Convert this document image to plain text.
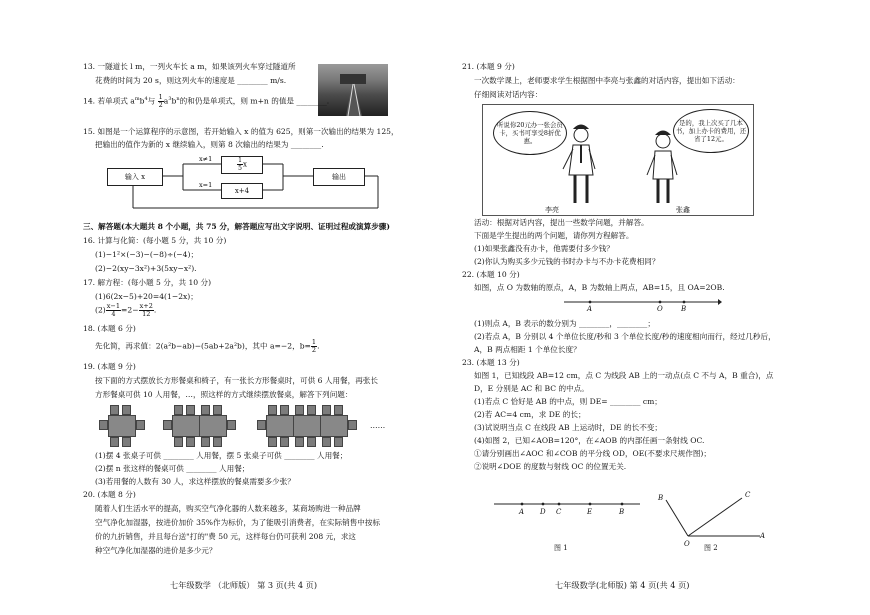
13. 一隧道长 l m，一列火车长 a m，如果该列火车穿过隧道所
花费的时间为 20 s，则这列火车的速度是 ________ m/s.
14. 若单项式 $a^mb^4$与 $\frac{1}{2} a^3b^n$的和仍是单项式，则 m+n 的值是 ________.
15. 如图是一个运算程序的示意图，若开始输入 x 的值为 625，则第一次输出的结果为 125，
把输出的值作为新的 x 继续输入，则第 8 次输出的结果为 ________.
输入 x
x≠1
x=1
$\frac{1}{5}$ x
x+4
输出
三、解答题(本大题共 8 个小题，共 75 分，解答题应写出文字说明、证明过程或演算步骤)
16. 计算与化简：(每小题 5 分，共 10 分)
(1)−1²×(−3)−(−8)÷(−4)；
(2)−2(xy−3x²)+3(5xy−x²).
17. 解方程：(每小题 5 分，共 10 分)
(1)6(2x−5)+20=4(1−2x)；
$(2) \frac{x-1}{4} =2- \frac{x+2}{12}$ .
18. (本题 6 分)
先化简，再求值：2(a²b−ab)−(5ab+2a²b)，其中 a=−2，$b= \frac{1}{2}$ .
19. (本题 9 分)
按下面的方式摆放长方形餐桌和椅子，有一张长方形餐桌时，可供 6 人用餐，再张长
方形餐桌可供 10 人用餐，…，照这样的方式继续摆放餐桌，解答下列问题：
……
(1)摆 4 张桌子可供 ________ 人用餐，摆 5 张桌子可供 ________ 人用餐；
(2)摆 n 张这样的餐桌可供 ________ 人用餐；
(3)若用餐的人数有 30 人，求这样摆放的餐桌需要多少张？
20. (本题 8 分)
随着人们生活水平的提高，购买空气净化器的人数来越多，某商场购进一种品牌
空气净化加湿器，按进价加价 35%作为标价，为了能吸引消费者，在实际销售中按标
价的九折销售，并且每台送"打的"费 50 元，这样每台仍可获利 208 元，求这
种空气净化加湿器的进价是多少元？
七年级数学 （北师版） 第 3 页(共 4 页)
21. (本题 9 分)
一次数学课上，老师要求学生根据图中李亮与张鑫的对话内容，提出如下活动：
仔细阅读对话内容：
听说你20元办一张会员卡，买书可享受8折优惠。
是的，我上次买了几本书，加上办卡的费用，还省了12元。
李亮	张鑫
活动：根据对话内容，提出一些数学问题，并解答。
下面是学生提出的两个问题，请你列方程解答。
(1)如果张鑫没有办卡，他需要付多少钱？
(2)你认为购买多少元钱的书时办卡与不办卡花费相同？
22. (本题 10 分)
如图，点 O 为数轴的原点，A，B 为数轴上两点，AB=15，且 OA=2OB.
A	O	B
(1)则点 A，B 表示的数分别为 ________，________；
(2)若点 A，B 分别以 4 个单位长度/秒和 3 个单位长度/秒的速度相向而行，经过几秒后，
A，B 两点相距 1 个单位长度？
23. (本题 13 分)
如图 1，已知线段 AB=12 cm，点 C 为线段 AB 上的一动点(点 C 不与 A，B 重合)，点
D，E 分别是 AC 和 BC 的中点。
(1)若点 C 恰好是 AB 的中点，则 DE= ________ cm；
(2)若 AC=4 cm，求 DE 的长；
(3)试说明当点 C 在线段 AB 上运动时，DE 的长不变；
(4)如图 2，已知∠AOB=120°，在∠AOB 的内部任画一条射线 OC.
①请分别画出∠AOC 和∠COB 的平分线 OD，OE(不要求尺规作图)；
②说明∠DOE 的度数与射线 OC 的位置无关.
A D C	E	B
图 1
B	C
O
A
图 2
七年级数学(北师版) 第 4 页(共 4 页)
